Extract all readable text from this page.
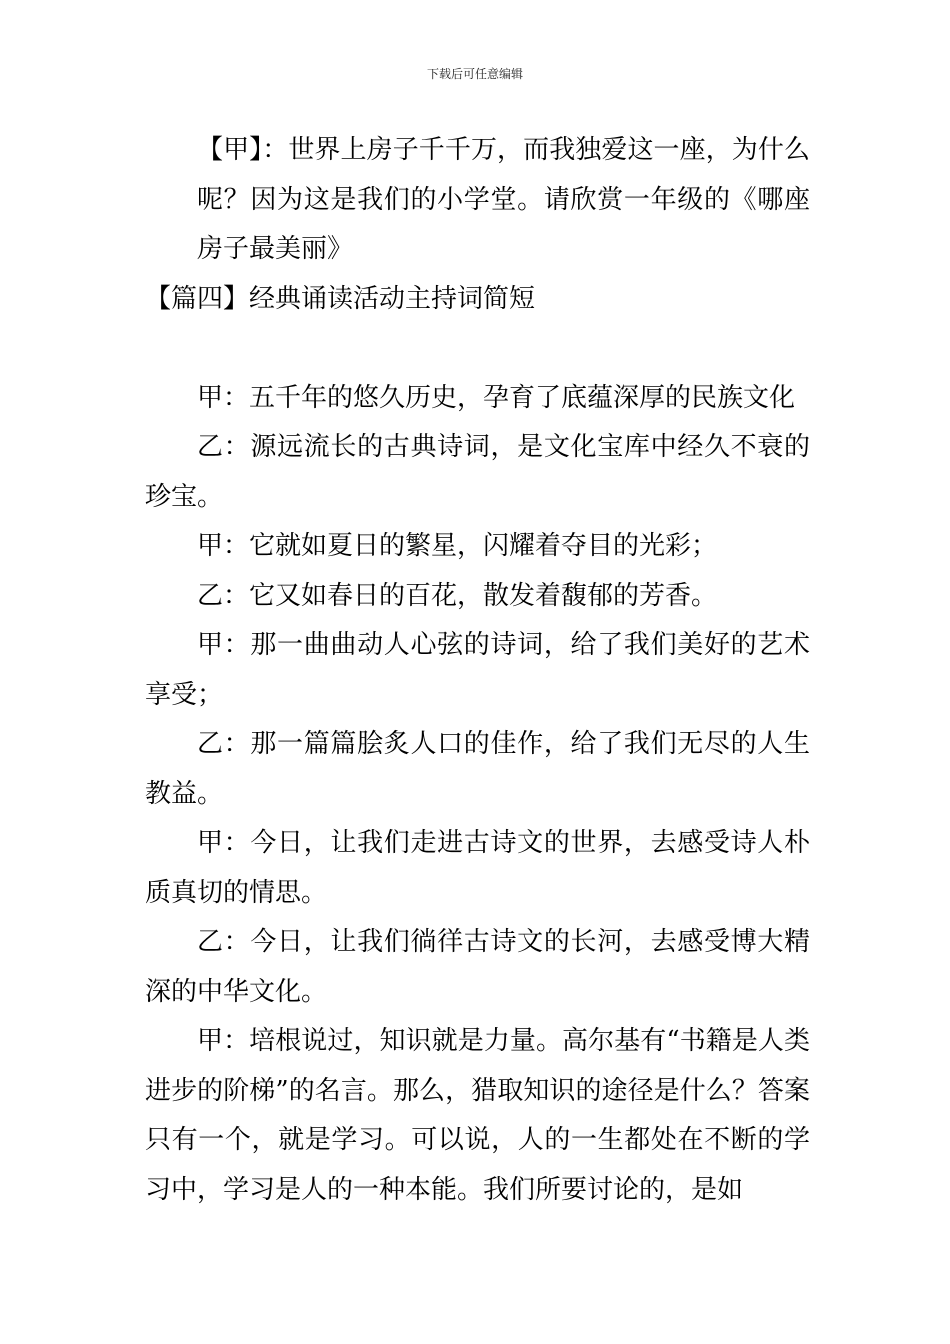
下载后可任意编辑

【甲】：世界上房子千千万，而我独爱这一座，为什么呢？因为这是我们的小学堂。请欣赏一年级的《哪座房子最美丽》

【篇四】经典诵读活动主持词简短

甲：五千年的悠久历史，孕育了底蕴深厚的民族文化

乙：源远流长的古典诗词，是文化宝库中经久不衰的珍宝。

甲：它就如夏日的繁星，闪耀着夺目的光彩；

乙：它又如春日的百花，散发着馥郁的芳香。

甲：那一曲曲动人心弦的诗词，给了我们美好的艺术享受；

乙：那一篇篇脍炙人口的佳作，给了我们无尽的人生教益。

甲：今日，让我们走进古诗文的世界，去感受诗人朴质真切的情思。

乙：今日，让我们徜徉古诗文的长河，去感受博大精深的中华文化。

甲：培根说过，知识就是力量。高尔基有“书籍是人类进步的阶梯”的名言。那么，猎取知识的途径是什么？答案只有一个，就是学习。可以说，人的一生都处在不断的学习中，学习是人的一种本能。我们所要讨论的，是如
